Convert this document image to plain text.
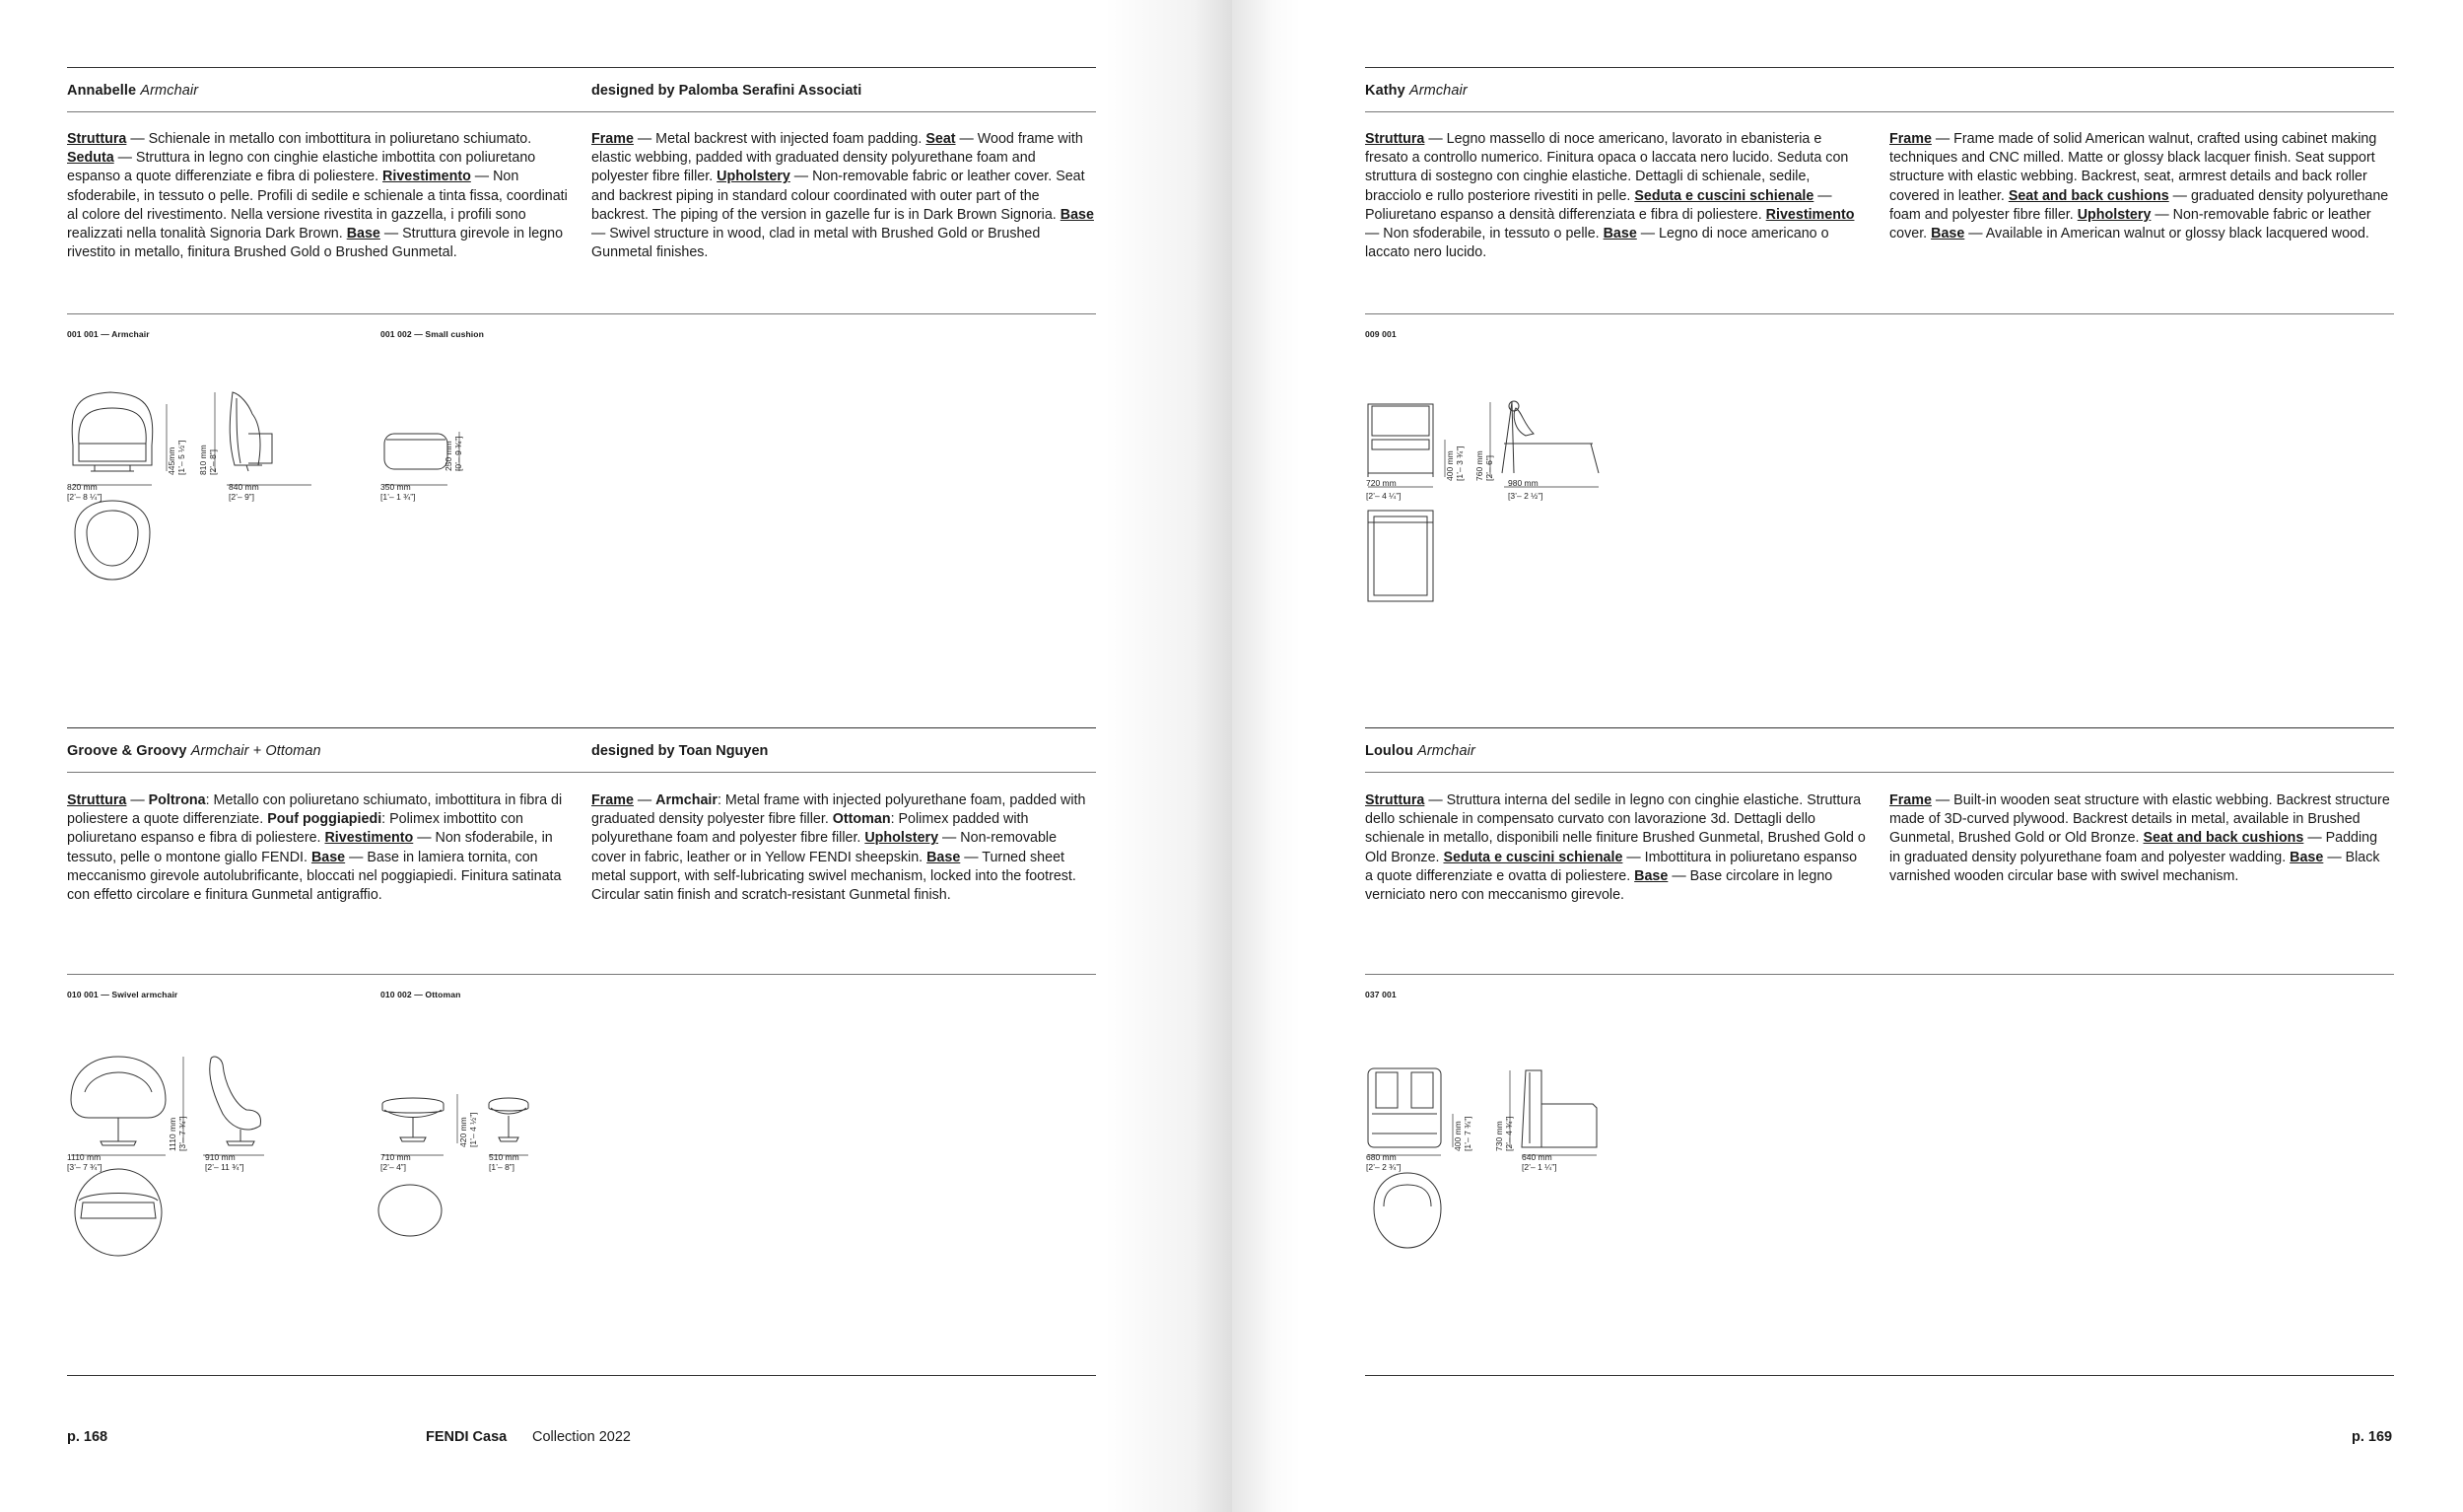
Annabelle Armchair	designed by Palomba Serafini Associati
Struttura — Schienale in metallo con imbottitura in poliuretano schiumato. Seduta — Struttura in legno con cinghie elastiche imbottita con poliuretano espanso a quote differenziate e fibra di poliestere. Rivestimento — Non sfoderabile, in tessuto o pelle. Profili di sedile e schienale a tinta fissa, coordinati al colore del rivestimento. Nella versione rivestita in gazzella, i profili sono realizzati nella tonalità Signoria Dark Brown. Base — Struttura girevole in legno rivestito in metallo, finitura Brushed Gold o Brushed Gunmetal.
Frame — Metal backrest with injected foam padding. Seat — Wood frame with elastic webbing, padded with graduated density polyurethane foam and polyester fibre filler. Upholstery — Non-removable fabric or leather cover. Seat and backrest piping in standard colour coordinated with outer part of the backrest. The piping of the version in gazelle fur is in Dark Brown Signoria. Base — Swivel structure in wood, clad in metal with Brushed Gold or Brushed Gunmetal finishes.
001 001 — Armchair	001 002 — Small cushion
820 mm
[2’– 8 ¼”]
445mm [1’– 5 ½”] 810 mm [2’– 8”]
840 mm
[2’– 9”]
350 mm
[1’– 1 ¾”]
250 mm [0’– 9 ¾”]
Groove & Groovy Armchair + Ottoman	designed by Toan Nguyen
Struttura — Poltrona: Metallo con poliuretano schiumato, imbottitura in fibra di poliestere a quote differenziate. Pouf poggiapiedi: Polimex imbottito con poliuretano espanso e fibra di poliestere. Rivestimento — Non sfoderabile, in tessuto, pelle o montone giallo FENDI. Base — Base in lamiera tornita, con meccanismo girevole autolubrificante, bloccati nel poggiapiedi. Finitura satinata con effetto circolare e finitura Gunmetal antigraffio.
Frame — Armchair: Metal frame with injected polyurethane foam, padded with graduated density polyester fibre filler. Ottoman: Polimex padded with polyurethane foam and polyester fibre filler. Upholstery — Non-removable cover in fabric, leather or in Yellow FENDI sheepskin. Base — Turned sheet metal support, with self-lubricating swivel mechanism, locked into the footrest. Circular satin finish and scratch-resistant Gunmetal finish.
010 001 — Swivel armchair	010 002 — Ottoman
1110 mm
[3’– 7 ¾”]
1110 mm [3’– 7 ¾”]
910 mm
[2’– 11 ¾”]
710 mm
[2’– 4”]
420 mm [1’– 4 ½”]
510 mm
[1’– 8”]
p. 168	FENDI Casa Collection 2022
Kathy Armchair
Struttura — Legno massello di noce americano, lavorato in ebanisteria e fresato a controllo numerico. Finitura opaca o laccata nero lucido. Seduta con struttura di sostegno con cinghie elastiche. Dettagli di schienale, sedile, bracciolo e rullo posteriore rivestiti in pelle. Seduta e cuscini schienale — Poliuretano espanso a densità differenziata e fibra di poliestere. Rivestimento — Non sfoderabile, in tessuto o pelle. Base — Legno di noce americano o laccato nero lucido.
Frame — Frame made of solid American walnut, crafted using cabinet making techniques and CNC milled. Matte or glossy black lacquer finish. Seat support structure with elastic webbing. Backrest, seat, armrest details and back roller covered in leather. Seat and back cushions — graduated density polyurethane foam and polyester fibre filler. Upholstery — Non-removable fabric or leather cover. Base — Available in American walnut or glossy black lacquered wood.
009 001
720 mm
[2’– 4 ¼”]
400 mm [1’– 3 ¾”] 760 mm [2’– 6”]
980 mm
[3’– 2 ½”]
Loulou Armchair
Struttura — Struttura interna del sedile in legno con cinghie elastiche. Struttura dello schienale in compensato curvato con lavorazione 3d. Dettagli dello schienale in metallo, disponibili nelle finiture Brushed Gunmetal, Brushed Gold o Old Bronze. Seduta e cuscini schienale — Imbottitura in poliuretano espanso a quote differenziate e ovatta di poliestere. Base — Base circolare in legno verniciato nero con meccanismo girevole.
Frame — Built-in wooden seat structure with elastic webbing. Backrest structure made of 3D-curved plywood. Backrest details in metal, available in Brushed Gunmetal, Brushed Gold or Old Bronze. Seat and back cushions — Padding in graduated density polyurethane foam and polyester wadding. Base — Black varnished wooden circular base with swivel mechanism.
037 001
680 mm
[2’– 2 ¾”]
400 mm [1’– 7 ¾”]	730 mm [2’– 4 ¾”]
640 mm
[2’– 1 ¼”]
p. 169
